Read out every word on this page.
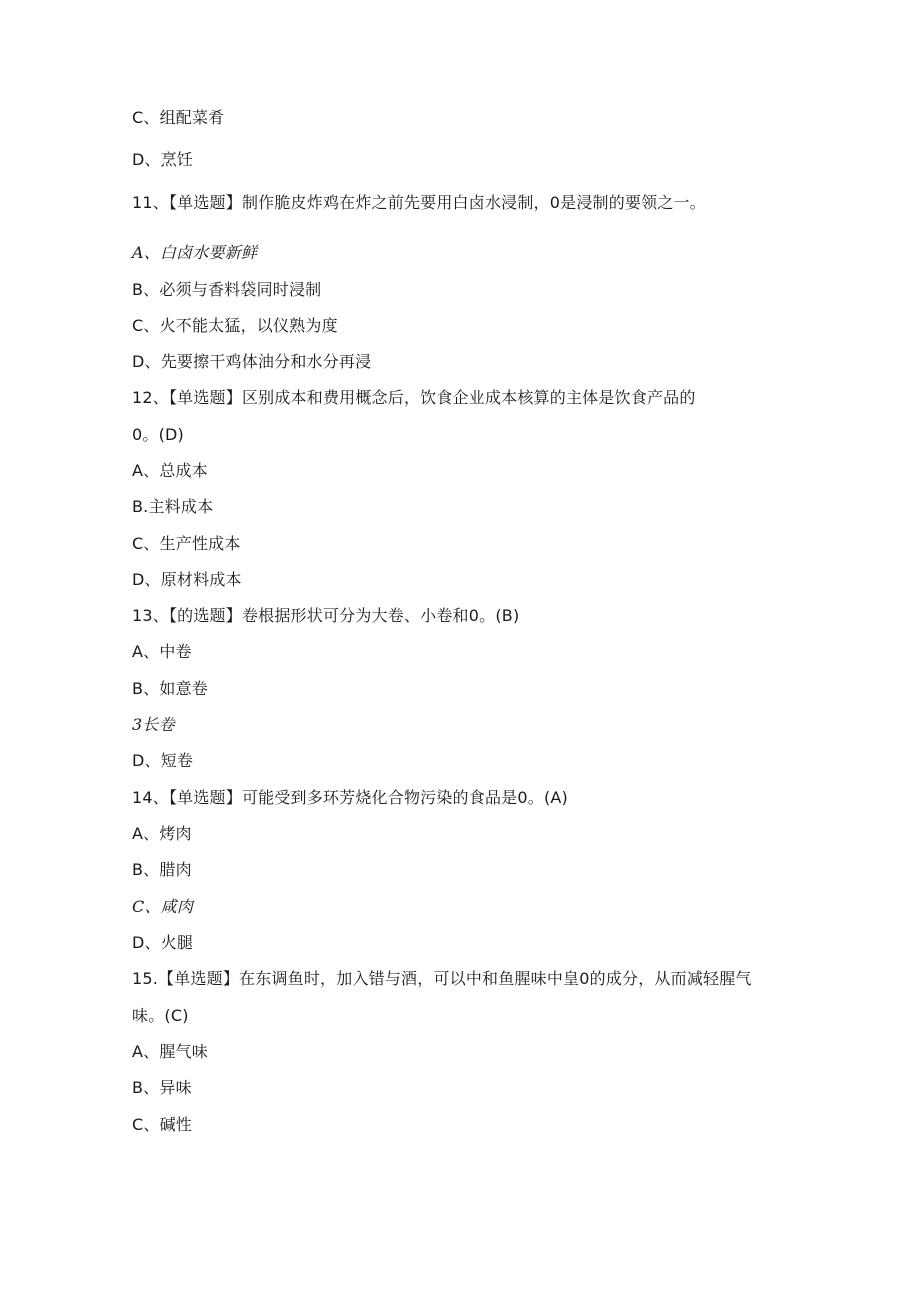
C、组配菜肴
D、烹饪
11、【单选题】制作脆皮炸鸡在炸之前先要用白卤水浸制，0是浸制的要领之一。
A、白卤水要新鲜
B、必须与香料袋同时浸制
C、火不能太猛，以仪熟为度
D、先要擦干鸡体油分和水分再浸
12、【单选题】区别成本和费用概念后，饮食企业成本核算的主体是饮食产品的
0。(D)
A、总成本
B.主料成本
C、生产性成本
D、原材料成本
13、【的选题】卷根据形状可分为大卷、小卷和0。(B)
A、中卷
B、如意卷
3长卷
D、短卷
14、【单选题】可能受到多环芳烧化合物污染的食品是0。(A)
A、烤肉
B、腊肉
C、咸肉
D、火腿
15.【单选题】在东调鱼时，加入错与酒，可以中和鱼腥味中皇0的成分，从而减轻腥气
味。(C)
A、腥气味
B、异味
C、碱性
